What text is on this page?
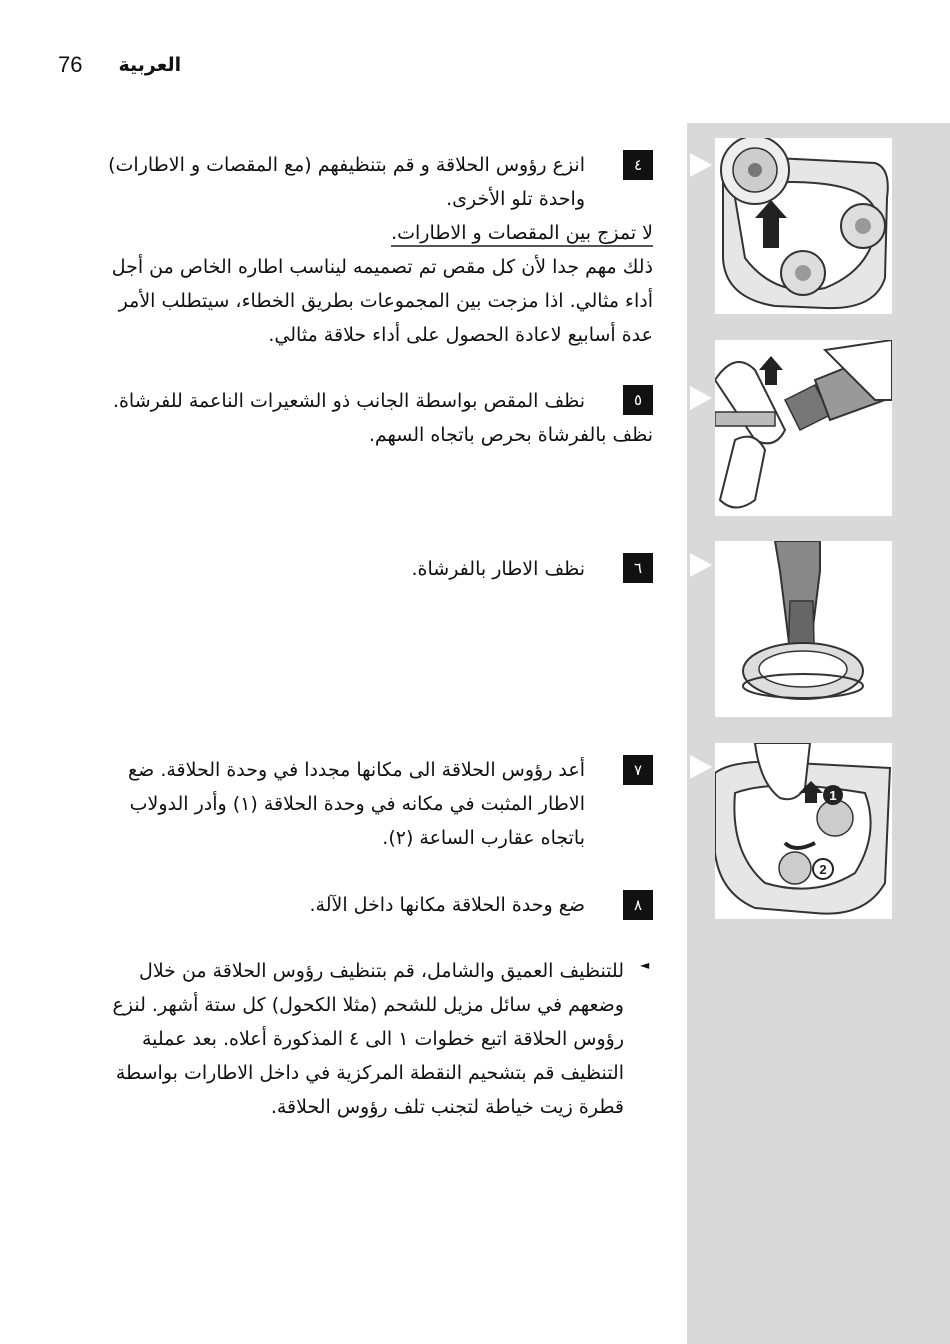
76 العربية
٤
انزع رؤوس الحلاقة و قم بتنظيفهم (مع المقصات و الاطارات)
واحدة تلو الأخرى.
لا تمزج بين المقصات و الاطارات.
ذلك مهم جدا لأن كل مقص تم تصميمه ليناسب اطاره الخاص من أجل
أداء مثالي. اذا مزجت بين المجموعات بطريق الخطاء، سيتطلب الأمر
عدة أسابيع لاعادة الحصول على أداء حلاقة مثالي.
٥
نظف المقص بواسطة الجانب ذو الشعيرات الناعمة للفرشاة.
نظف بالفرشاة بحرص باتجاه السهم.
٦
نظف الاطار بالفرشاة.
٧
أعد رؤوس الحلاقة الى مكانها مجددا في وحدة الحلاقة. ضع
الاطار المثبت في مكانه في وحدة الحلاقة (١) وأدر الدولاب
باتجاه عقارب الساعة (٢).
٨
ضع وحدة الحلاقة مكانها داخل الآلة.
◄
للتنظيف العميق والشامل، قم بتنظيف رؤوس الحلاقة من خلال
وضعهم في سائل مزيل للشحم (مثلا الكحول) كل ستة أشهر. لنزع
رؤوس الحلاقة اتبع خطوات ١ الى ٤ المذكورة أعلاه. بعد عملية
التنظيف قم بتشحيم النقطة المركزية في داخل الاطارات بواسطة
قطرة زيت خياطة لتجنب تلف رؤوس الحلاقة.
1
2
